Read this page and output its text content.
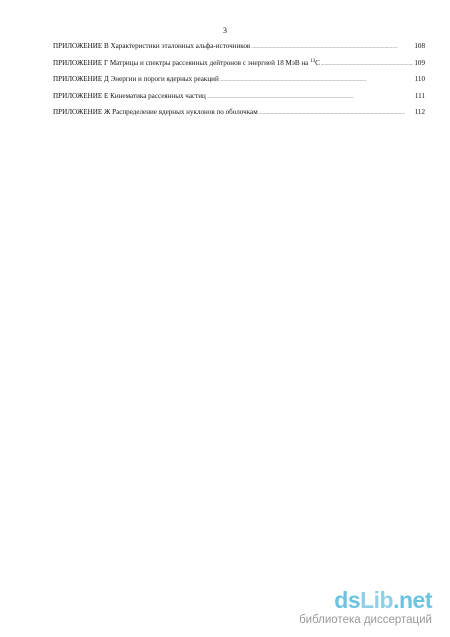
3
ПРИЛОЖЕНИЕ В Характеристики эталонных альфа-источников . . .	108
ПРИЛОЖЕНИЕ Г Матрицы и спектры рассеянных дейтронов с энергией 18 МэВ на $^{13}$C . . .	109
ПРИЛОЖЕНИЕ Д Энергии и пороги ядерных реакций . . .	110
ПРИЛОЖЕНИЕ Е Кинематика рассеянных частиц . . .	111
ПРИЛОЖЕНИЕ Ж Распределение ядерных нуклонов по оболочкам . . .	112
dsLib.net
библиотека диссертаций
